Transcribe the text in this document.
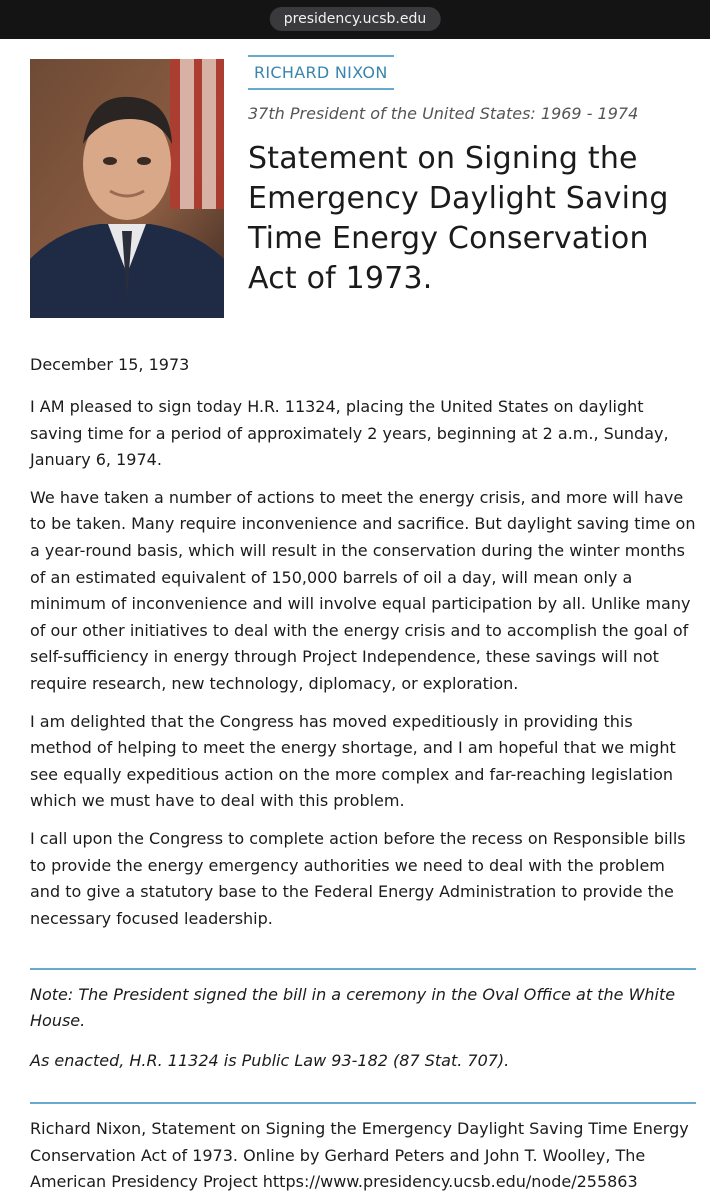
presidency.ucsb.edu
RICHARD NIXON
37th President of the United States: 1969 - 1974
Statement on Signing the Emergency Daylight Saving Time Energy Conservation Act of 1973.
December 15, 1973

I AM pleased to sign today H.R. 11324, placing the United States on daylight saving time for a period of approximately 2 years, beginning at 2 a.m., Sunday, January 6, 1974.

We have taken a number of actions to meet the energy crisis, and more will have to be taken. Many require inconvenience and sacrifice. But daylight saving time on a year-round basis, which will result in the conservation during the winter months of an estimated equivalent of 150,000 barrels of oil a day, will mean only a minimum of inconvenience and will involve equal participation by all. Unlike many of our other initiatives to deal with the energy crisis and to accomplish the goal of self-sufficiency in energy through Project Independence, these savings will not require research, new technology, diplomacy, or exploration.

I am delighted that the Congress has moved expeditiously in providing this method of helping to meet the energy shortage, and I am hopeful that we might see equally expeditious action on the more complex and far-reaching legislation which we must have to deal with this problem.

I call upon the Congress to complete action before the recess on Responsible bills to provide the energy emergency authorities we need to deal with the problem and to give a statutory base to the Federal Energy Administration to provide the necessary focused leadership.

Note: The President signed the bill in a ceremony in the Oval Office at the White House.

As enacted, H.R. 11324 is Public Law 93-182 (87 Stat. 707).

Richard Nixon, Statement on Signing the Emergency Daylight Saving Time Energy Conservation Act of 1973. Online by Gerhard Peters and John T. Woolley, The American Presidency Project https://www.presidency.ucsb.edu/node/255863
